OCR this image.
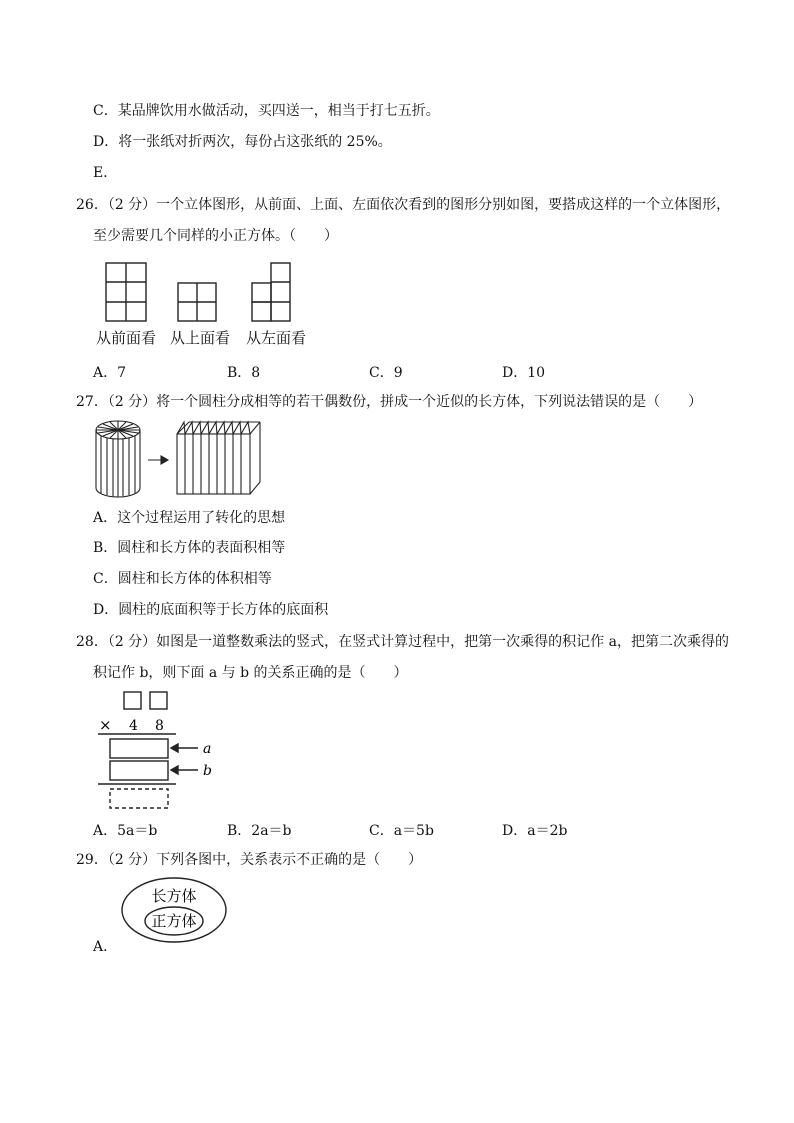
C．某品牌饮用水做活动，买四送一，相当于打七五折。
D．将一张纸对折两次，每份占这张纸的 25%。
E．
26．（2 分）一个立体图形，从前面、上面、左面依次看到的图形分别如图，要搭成这样的一个立体图形，
至少需要几个同样的小正方体。（　　）
从前面看 从上面看 从左面看
A．7	B．8	C．9	D．10
27．（2 分）将一个圆柱分成相等的若干偶数份，拼成一个近似的长方体，下列说法错误的是（　　）
A．这个过程运用了转化的思想
B．圆柱和长方体的表面积相等
C．圆柱和长方体的体积相等
D．圆柱的底面积等于长方体的底面积
28．（2 分）如图是一道整数乘法的竖式，在竖式计算过程中，把第一次乘得的积记作 a，把第二次乘得的
积记作 b，则下面 a 与 b 的关系正确的是（　　）
× 4 8
a
b
A．5a＝b	B．2a＝b	C．a＝5b	D．a＝2b
29．（2 分）下列各图中，关系表示不正确的是（　　）
长方体
正方体
A．
